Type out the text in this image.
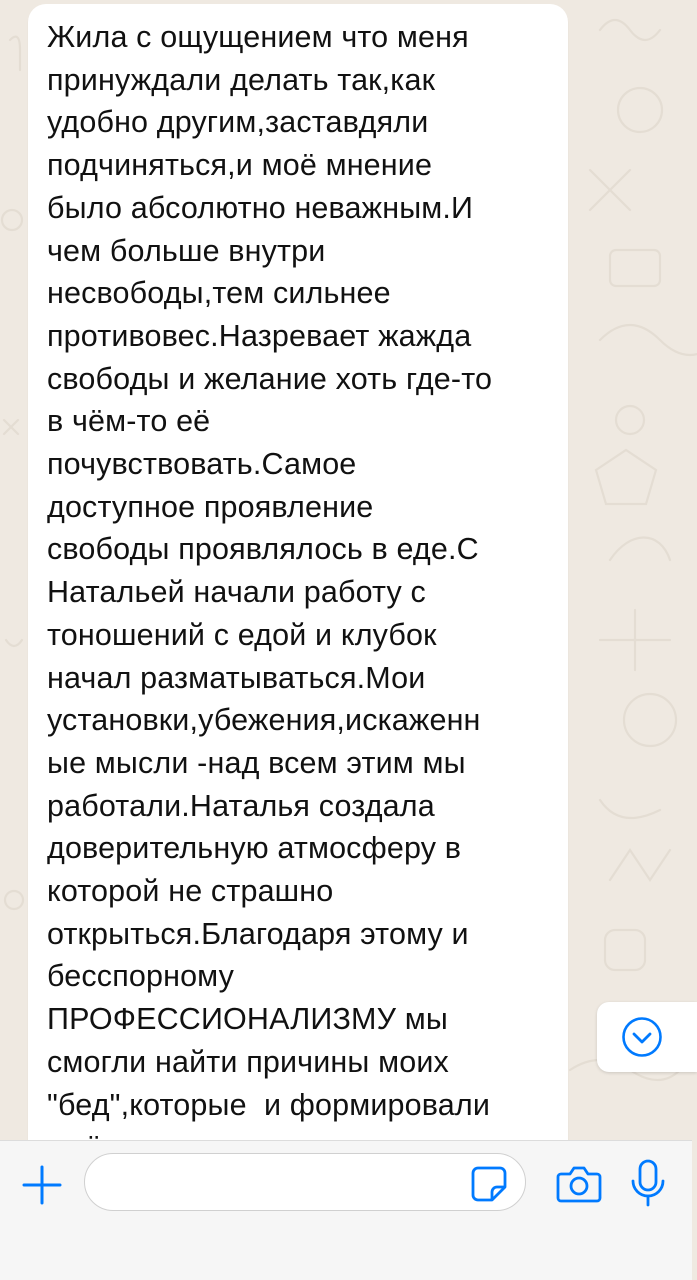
Жила с ощущением что меня
принуждали делать так,как
удобно другим,заставдяли
подчиняться,и моё мнение
было абсолютно неважным.И
чем больше внутри
несвободы,тем сильнее
противовес.Назревает жажда
свободы и желание хоть где-то
в чём-то её
почувствовать.Самое
доступное проявление
свободы проявлялось в еде.С
Натальей начали работу с
тоношений с едой и клубок
начал разматываться.Мои
установки,убежения,искаженн
ые мысли -над всем этим мы
работали.Наталья создала
доверительную атмосферу в
которой не страшно
открыться.Благодаря этому и
бесспорному
ПРОФЕССИОНАЛИЗМУ мы
смогли найти причины моих
"бед",которые  и формировали
